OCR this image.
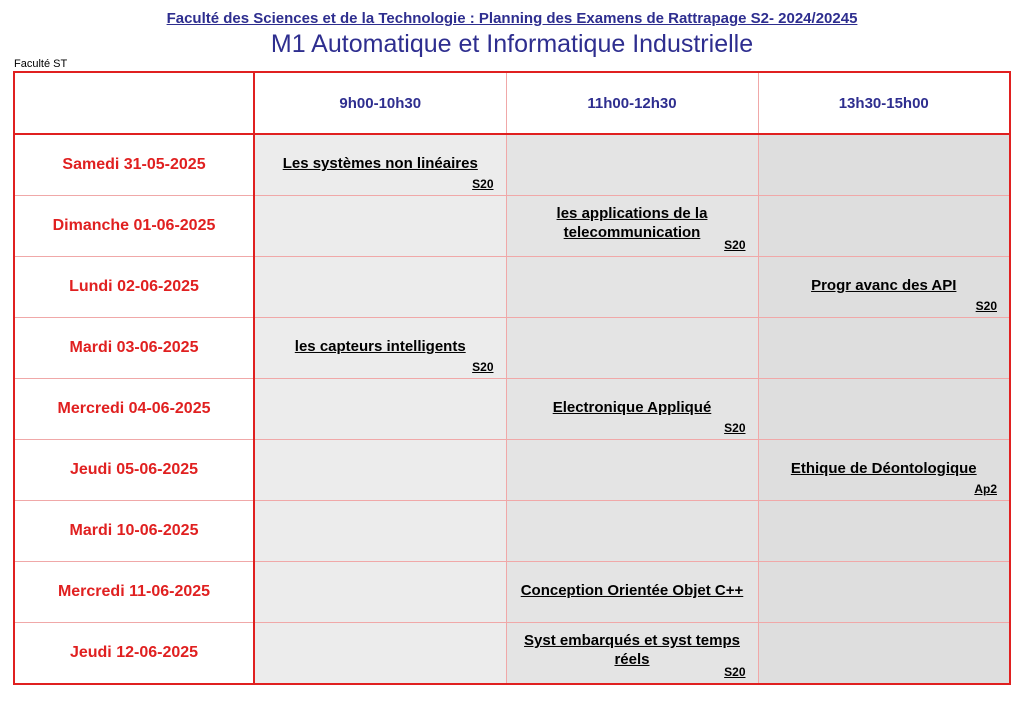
Faculté des Sciences et de la Technologie : Planning des Examens de Rattrapage S2- 2024/20245
M1 Automatique et Informatique Industrielle
Faculté ST
	9h00-10h30	11h00-12h30	13h30-15h00
Samedi 31-05-2025	Les systèmes non linéaires
S20		

Dimanche 01-06-2025		les applications de la telecommunication
S20	

Lundi 02-06-2025			Progr avanc des API
S20

Mardi 03-06-2025	les capteurs intelligents
S20		

Mercredi 04-06-2025		Electronique Appliqué
S20	

Jeudi 05-06-2025			Ethique de Déontologique
Ap2

Mardi 10-06-2025			
Mercredi 11-06-2025		Conception Orientée Objet C++	

Jeudi 12-06-2025		Syst embarqués et syst temps réels
S20	
